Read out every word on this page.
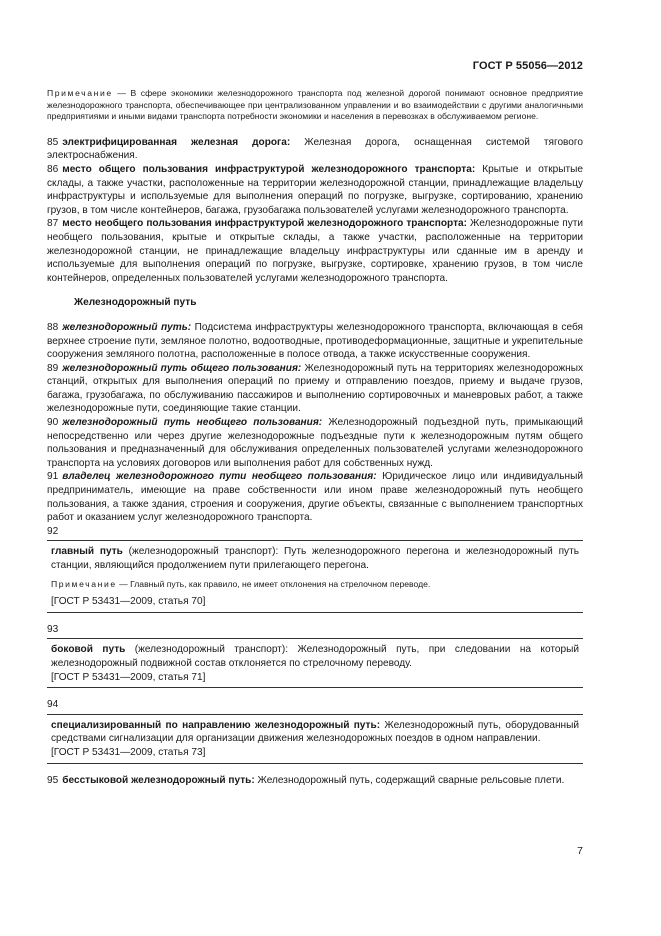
ГОСТ Р 55056—2012

Примечание — В сфере экономики железнодорожного транспорта под железной дорогой понимают основное предприятие железнодорожного транспорта, обеспечивающее при централизованном управлении и во взаимодействии с другими аналогичными предприятиями и иными видами транспорта потребности экономики и населения в перевозках в обслуживаемом регионе.

85 электрифицированная железная дорога: Железная дорога, оснащенная системой тягового электроснабжения.

86 место общего пользования инфраструктурой железнодорожного транспорта: Крытые и открытые склады, а также участки, расположенные на территории железнодорожной станции, принадлежащие владельцу инфраструктуры и используемые для выполнения операций по погрузке, выгрузке, сортированию, хранению грузов, в том числе контейнеров, багажа, грузобагажа пользователей услугами железнодорожного транспорта.

87 место необщего пользования инфраструктурой железнодорожного транспорта: Железнодорожные пути необщего пользования, крытые и открытые склады, а также участки, расположенные на территории железнодорожной станции, не принадлежащие владельцу инфраструктуры или сданные им в аренду и используемые для выполнения операций по погрузке, выгрузке, сортировке, хранению грузов, в том числе контейнеров, определенных пользователей услугами железнодорожного транспорта.

Железнодорожный путь

88 железнодорожный путь: Подсистема инфраструктуры железнодорожного транспорта, включающая в себя верхнее строение пути, земляное полотно, водоотводные, противодеформационные, защитные и укрепительные сооружения земляного полотна, расположенные в полосе отвода, а также искусственные сооружения.

89 железнодорожный путь общего пользования: Железнодорожный путь на территориях железнодорожных станций, открытых для выполнения операций по приему и отправлению поездов, приему и выдаче грузов, багажа, грузобагажа, по обслуживанию пассажиров и выполнению сортировочных и маневровых работ, а также железнодорожные пути, соединяющие такие станции.

90 железнодорожный путь необщего пользования: Железнодорожный подъездной путь, примыкающий непосредственно или через другие железнодорожные подъездные пути к железнодорожным путям общего пользования и предназначенный для обслуживания определенных пользователей услугами железнодорожного транспорта на условиях договоров или выполнения работ для собственных нужд.

91 владелец железнодорожного пути необщего пользования: Юридическое лицо или индивидуальный предприниматель, имеющие на праве собственности или ином праве железнодорожный путь необщего пользования, а также здания, строения и сооружения, другие объекты, связанные с выполнением транспортных работ и оказанием услуг железнодорожного транспорта.

92

главный путь (железнодорожный транспорт): Путь железнодорожного перегона и железнодорожный путь станции, являющийся продолжением пути прилегающего перегона.

Примечание — Главный путь, как правило, не имеет отклонения на стрелочном переводе.

[ГОСТ Р 53431—2009, статья 70]

93

боковой путь (железнодорожный транспорт): Железнодорожный путь, при следовании на который железнодорожный подвижной состав отклоняется по стрелочному переводу.

[ГОСТ Р 53431—2009, статья 71]

94

специализированный по направлению железнодорожный путь: Железнодорожный путь, оборудованный средствами сигнализации для организации движения железнодорожных поездов в одном направлении.

[ГОСТ Р 53431—2009, статья 73]

95 бесстыковой железнодорожный путь: Железнодорожный путь, содержащий сварные рельсовые плети.

7
